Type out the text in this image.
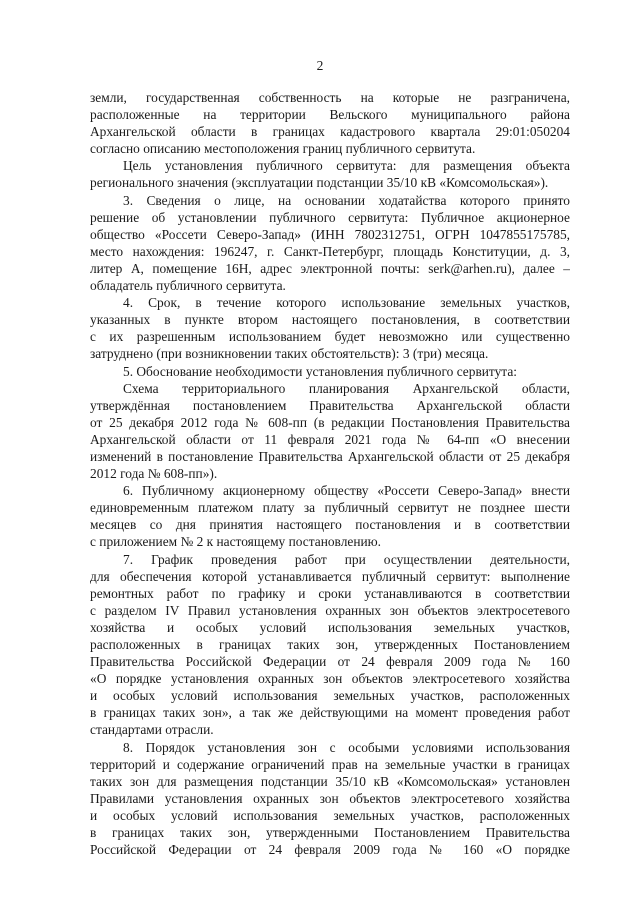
2
земли, государственная собственность на которые не разграничена,
расположенные на территории Вельского муниципального района
Архангельской области в границах кадастрового квартала 29:01:050204
согласно описанию местоположения границ публичного сервитута.
Цель установления публичного сервитута: для размещения объекта
регионального значения (эксплуатации подстанции 35/10 кВ «Комсомольская»).
3. Сведения о лице, на основании ходатайства которого принято
решение об установлении публичного сервитута: Публичное акционерное
общество «Россети Северо-Запад» (ИНН 7802312751, ОГРН 1047855175785,
место нахождения: 196247, г. Санкт-Петербург, площадь Конституции, д. 3,
литер А, помещение 16Н, адрес электронной почты: serk@arhen.ru), далее –
обладатель публичного сервитута.
4. Срок, в течение которого использование земельных участков,
указанных в пункте втором настоящего постановления, в соответствии
с их разрешенным использованием будет невозможно или существенно
затруднено (при возникновении таких обстоятельств): 3 (три) месяца.
5. Обоснование необходимости установления публичного сервитута:
Схема территориального планирования Архангельской области,
утверждённая постановлением Правительства Архангельской области
от 25 декабря 2012 года № 608-пп (в редакции Постановления Правительства
Архангельской области от 11 февраля 2021 года № 64-пп «О внесении
изменений в постановление Правительства Архангельской области от 25 декабря
2012 года № 608-пп»).
6. Публичному акционерному обществу «Россети Северо-Запад» внести
единовременным платежом плату за публичный сервитут не позднее шести
месяцев со дня принятия настоящего постановления и в соответствии
с приложением № 2 к настоящему постановлению.
7. График проведения работ при осуществлении деятельности,
для обеспечения которой устанавливается публичный сервитут: выполнение
ремонтных работ по графику и сроки устанавливаются в соответствии
с разделом IV Правил установления охранных зон объектов электросетевого
хозяйства и особых условий использования земельных участков,
расположенных в границах таких зон, утвержденных Постановлением
Правительства Российской Федерации от 24 февраля 2009 года № 160
«О порядке установления охранных зон объектов электросетевого хозяйства
и особых условий использования земельных участков, расположенных
в границах таких зон», а так же действующими на момент проведения работ
стандартами отрасли.
8. Порядок установления зон с особыми условиями использования
территорий и содержание ограничений прав на земельные участки в границах
таких зон для размещения подстанции 35/10 кВ «Комсомольская» установлен
Правилами установления охранных зон объектов электросетевого хозяйства
и особых условий использования земельных участков, расположенных
в границах таких зон, утвержденными Постановлением Правительства
Российской Федерации от 24 февраля 2009 года № 160 «О порядке
